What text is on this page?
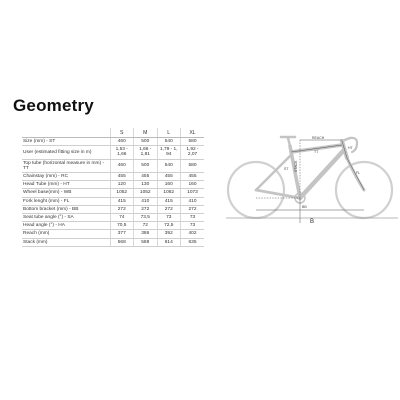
Geometry
	S	M	L	XL
Size (mm) - ST	460	500	540	580
User (estimated fitting size in m)	1,53 - 1,66	1,66 - 1,81	1,79 - 1, 94	1,92 - 2,07
Top tube (horizontal measure in mm) - TT	460	500	540	580
Chainstay (mm) - RC	455	455	455	455
Head Tube (mm) - HT	120	130	160	160
Wheel base(mm) - WB	1052	1052	1062	1073
Fork lenght (mm) - FL	415	410	415	410
Bottom bracket (mm) - BB	272	272	272	272
Seat tube angle (°) - SA	74	73,5	73	73
Head angle (°) - HA	70,5	72	72,5	73
Reach (mm)	377	386	392	402
Stack (mm)	568	588	614	635
REACH
STACK
ST
TT
HT
FL
BB
B
